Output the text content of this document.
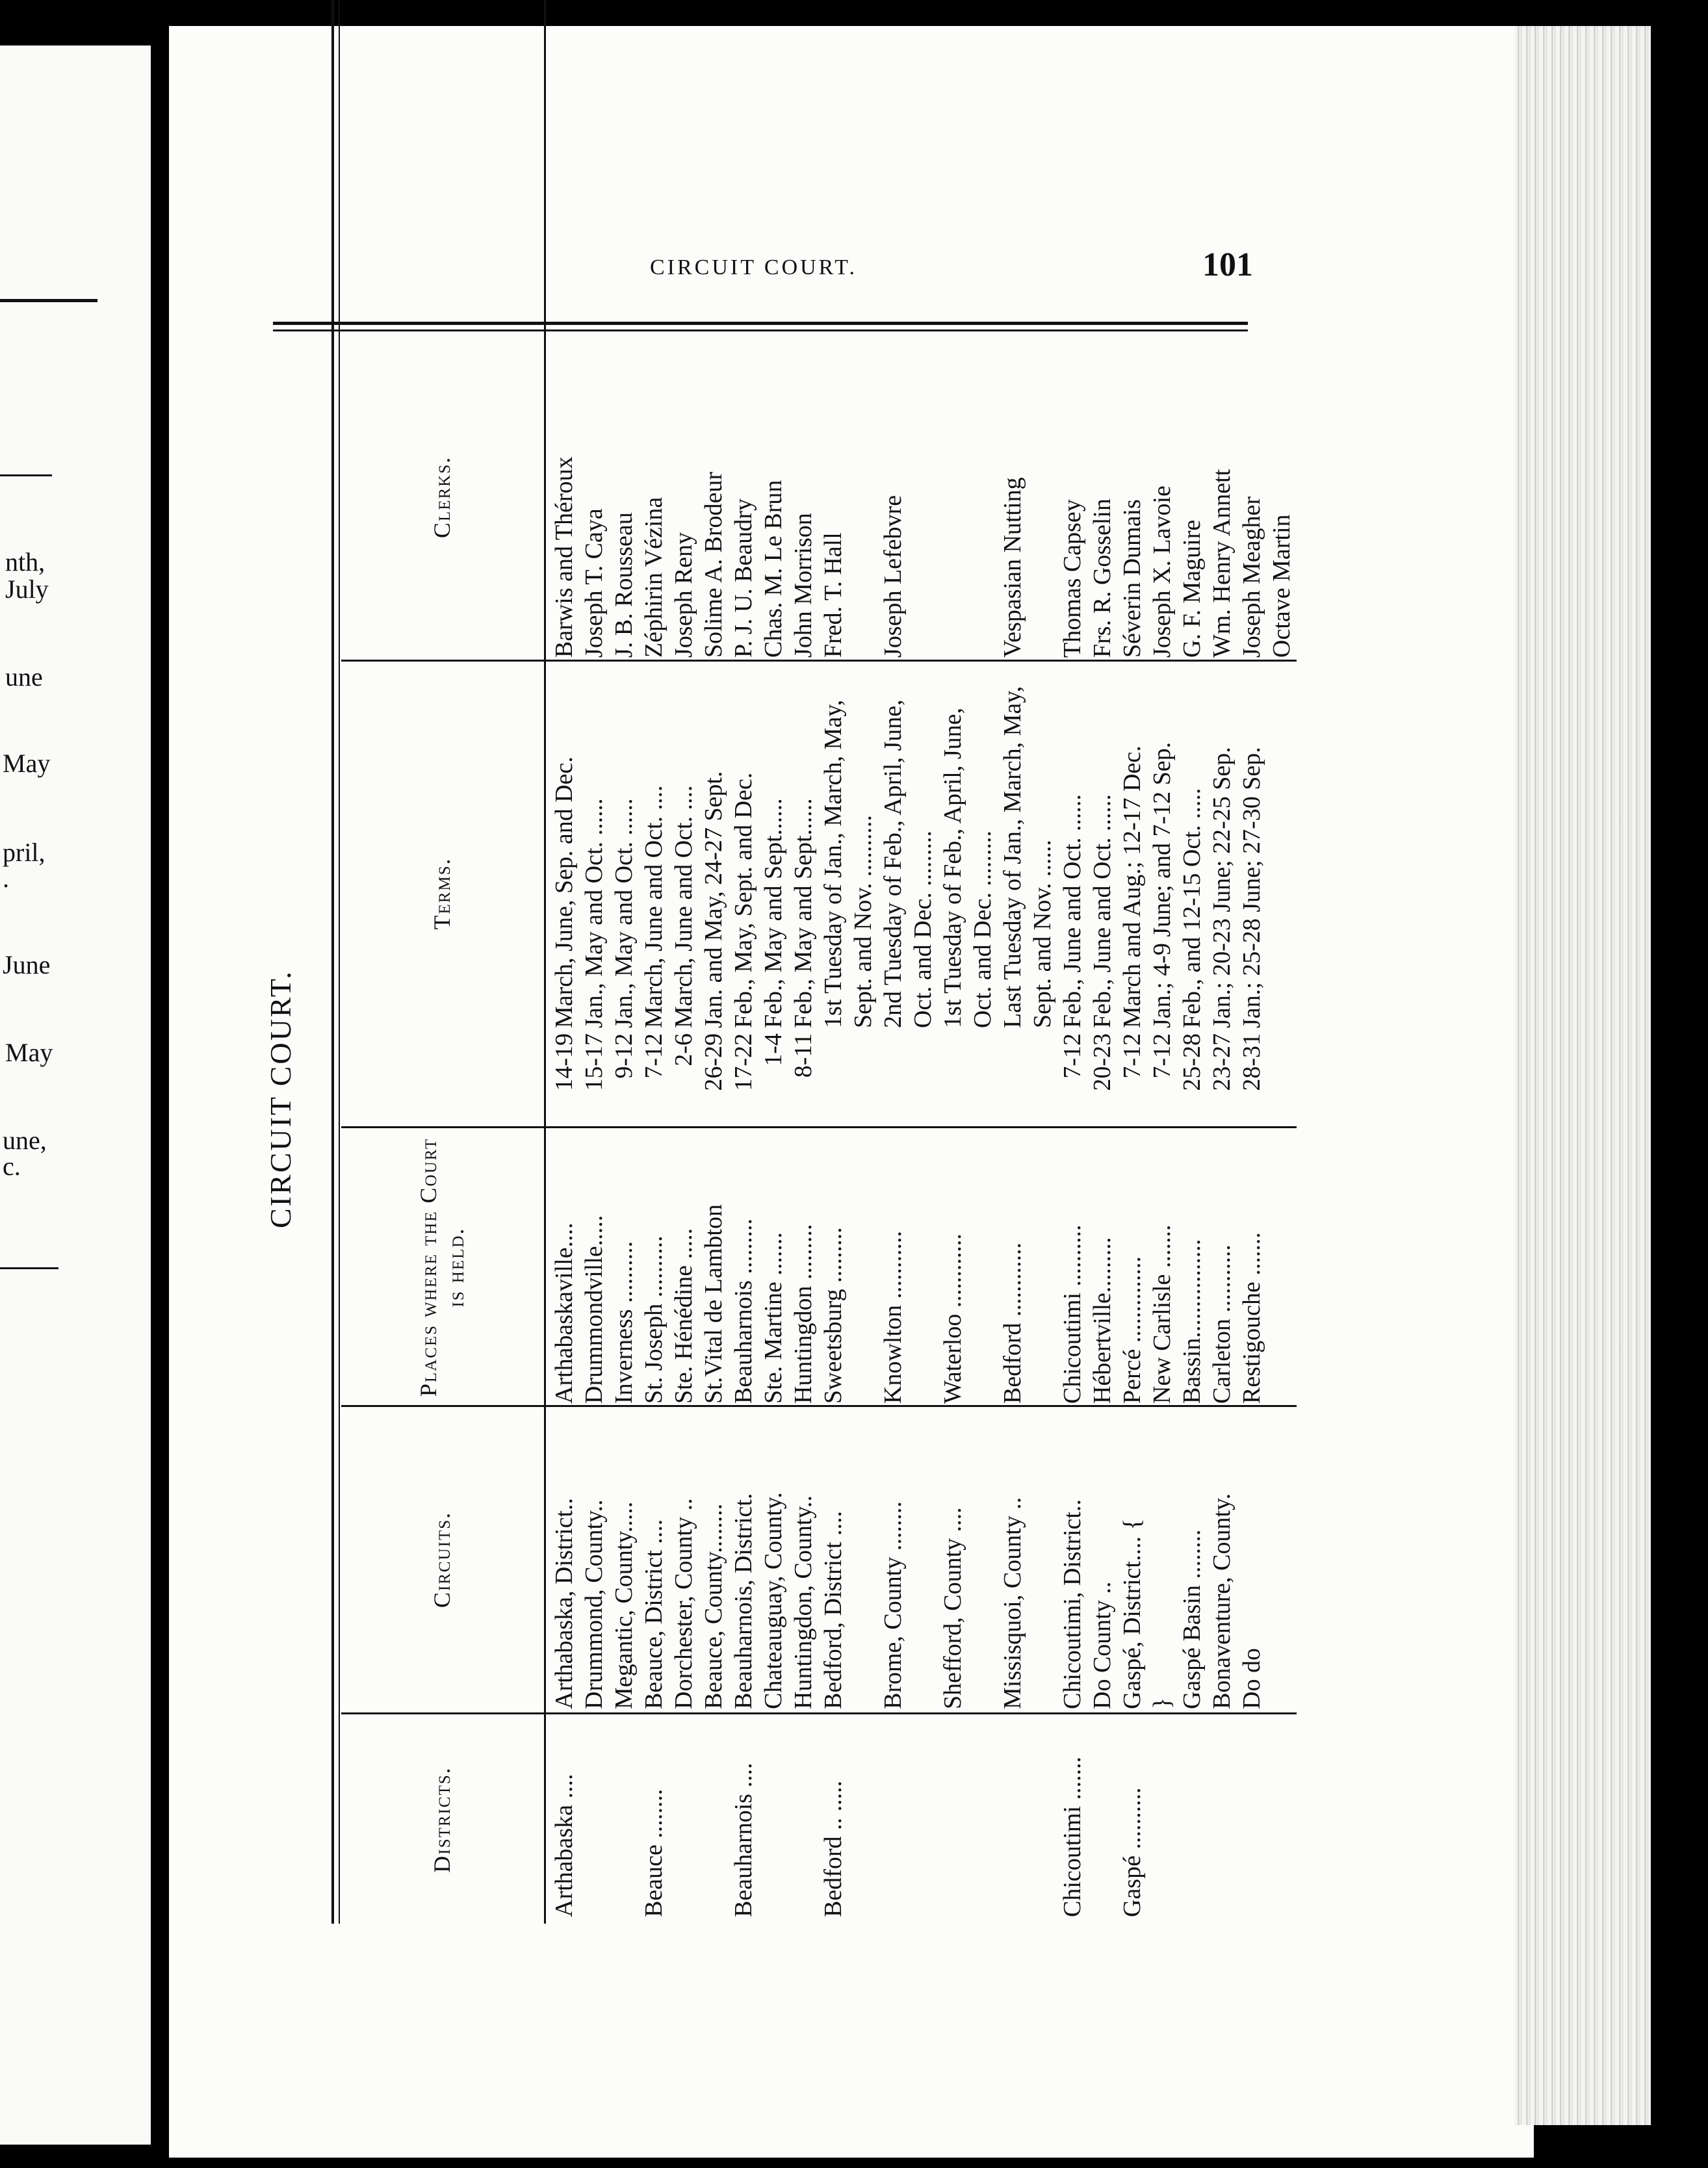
nth,
July
une
May
pril,
.
June
May
une,
c.
CIRCUIT COURT.	101
CIRCUIT COURT.
Districts.
Circuits.
Places where the Court is held.
Terms.
Clerks.
Arthabaska ....
Arthabaska, District..
Arthabaskaville....
14-19
March, June, Sep. and Dec.
Barwis and Théroux
Drummond, County..
Drummondville.....
15-17
Jan., May and Oct. ......
Joseph T. Caya
Megantic, County.....
Inverness ..........
9-12
Jan., May and Oct. ......
J. B. Rousseau
Beauce ........
Beauce, District ....
St. Joseph ..........
7-12
March, June and Oct. ....
Zéphirin Vézina
Dorchester, County ..
Ste. Hénédine .....
2-6
March, June and Oct. ....
Joseph Reny
Beauce, County........
St.Vital de Lambton
26-29
Jan. and May, 24-27 Sept.
Solime A. Brodeur
Beauharnois ....
Beauharnois, District.
Beauharnois .........
17-22
Feb., May, Sept. and Dec.
P. J. U. Beaudry
Chateauguay, County.
Ste. Martine .......
1-4
Feb., May and Sept......
Chas. M. Le Brun
Huntingdon, County..
Huntingdon .........
8-11
Feb., May and Sept......
John Morrison
Bedford .. .....
Bedford, District ....
Sweetsburg .........
1st Tuesday of Jan., March, May, Sept. and Nov. ..........
Fred. T. Hall
Brome, County ........
Knowlton ...........
2nd Tuesday of Feb., April, June, Oct. and Dec. .........
Joseph Lefebvre
Shefford, County ....
Waterloo ............
1st Tuesday of Feb., April, June, Oct. and Dec. .........
Missisquoi, County ..
Bedford ............
Last Tuesday of Jan., March, May, Sept. and Nov. ......
Vespasian Nutting
Chicoutimi .......
Chicoutimi, District..
Chicoutimi ..........
7-12
Feb., June and Oct. ......
Thomas Capsey
Do County ..
Hébertville.........
20-23
Feb., June and Oct. ......
Frs. R. Gosselin
Gaspé ..........
Gaspé, District.... {
Percé ..............
7-12
March and Aug.; 12-17 Dec.
Séverin Dumais
}
New Carlisle .......
7-12
Jan.; 4-9 June; and 7-12 Sep.
Joseph X. Lavoie
Gaspé Basin ........
Bassin................
25-28
Feb., and 12-15 Oct. .....
G. F. Maguire
Bonaventure, County.
Carleton ...........
23-27
Jan.; 20-23 June; 22-25 Sep.
Wm. Henry Annett
Do do
Restigouche .......
28-31
Jan.; 25-28 June; 27-30 Sep.
Joseph Meagher Octave Martin
